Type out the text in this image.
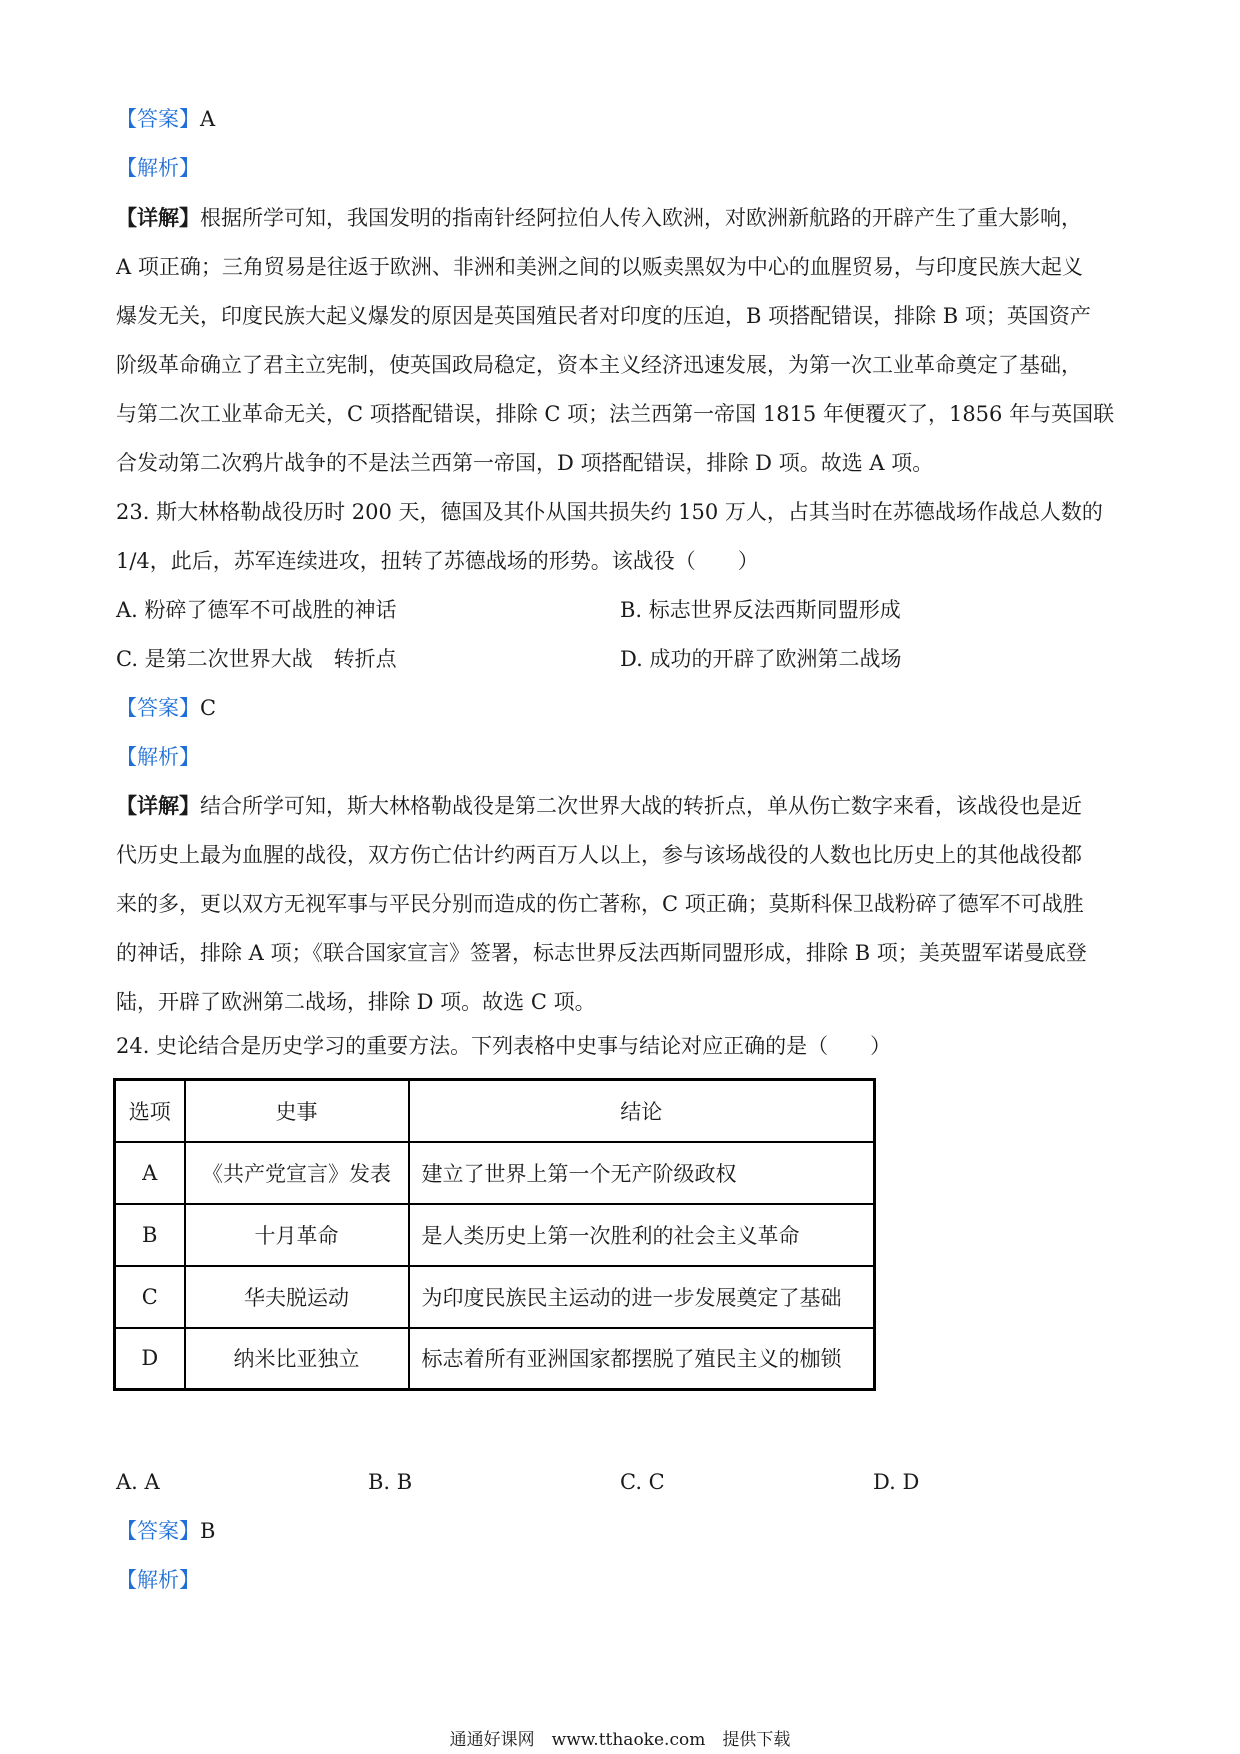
【答案】A
【解析】
【详解】根据所学可知，我国发明的指南针经阿拉伯人传入欧洲，对欧洲新航路的开辟产生了重大影响，
A 项正确；三角贸易是往返于欧洲、非洲和美洲之间的以贩卖黑奴为中心的血腥贸易，与印度民族大起义
爆发无关，印度民族大起义爆发的原因是英国殖民者对印度的压迫，B 项搭配错误，排除 B 项；英国资产
阶级革命确立了君主立宪制，使英国政局稳定，资本主义经济迅速发展，为第一次工业革命奠定了基础，
与第二次工业革命无关，C 项搭配错误，排除 C 项；法兰西第一帝国 1815 年便覆灭了，1856 年与英国联
合发动第二次鸦片战争的不是法兰西第一帝国，D 项搭配错误，排除 D 项。故选 A 项。
23. 斯大林格勒战役历时 200 天，德国及其仆从国共损失约 150 万人，占其当时在苏德战场作战总人数的
1/4，此后，苏军连续进攻，扭转了苏德战场的形势。该战役（　　）
A. 粉碎了德军不可战胜的神话	B. 标志世界反法西斯同盟形成
C. 是第二次世界大战　转折点	D. 成功的开辟了欧洲第二战场
【答案】C
【解析】
【详解】结合所学可知，斯大林格勒战役是第二次世界大战的转折点，单从伤亡数字来看，该战役也是近
代历史上最为血腥的战役，双方伤亡估计约两百万人以上，参与该场战役的人数也比历史上的其他战役都
来的多，更以双方无视军事与平民分别而造成的伤亡著称，C 项正确；莫斯科保卫战粉碎了德军不可战胜
的神话，排除 A 项；《联合国家宣言》签署，标志世界反法西斯同盟形成，排除 B 项；美英盟军诺曼底登
陆，开辟了欧洲第二战场，排除 D 项。故选 C 项。
24. 史论结合是历史学习的重要方法。下列表格中史事与结论对应正确的是（　　）
选项	史事	结论
A	《共产党宣言》发表	建立了世界上第一个无产阶级政权
B	十月革命	是人类历史上第一次胜利的社会主义革命
C	华夫脱运动	为印度民族民主运动的进一步发展奠定了基础
D	纳米比亚独立	标志着所有亚洲国家都摆脱了殖民主义的枷锁
A. A	B. B	C. C	D. D
【答案】B
【解析】
通通好课网　www.tthaoke.com　提供下载
